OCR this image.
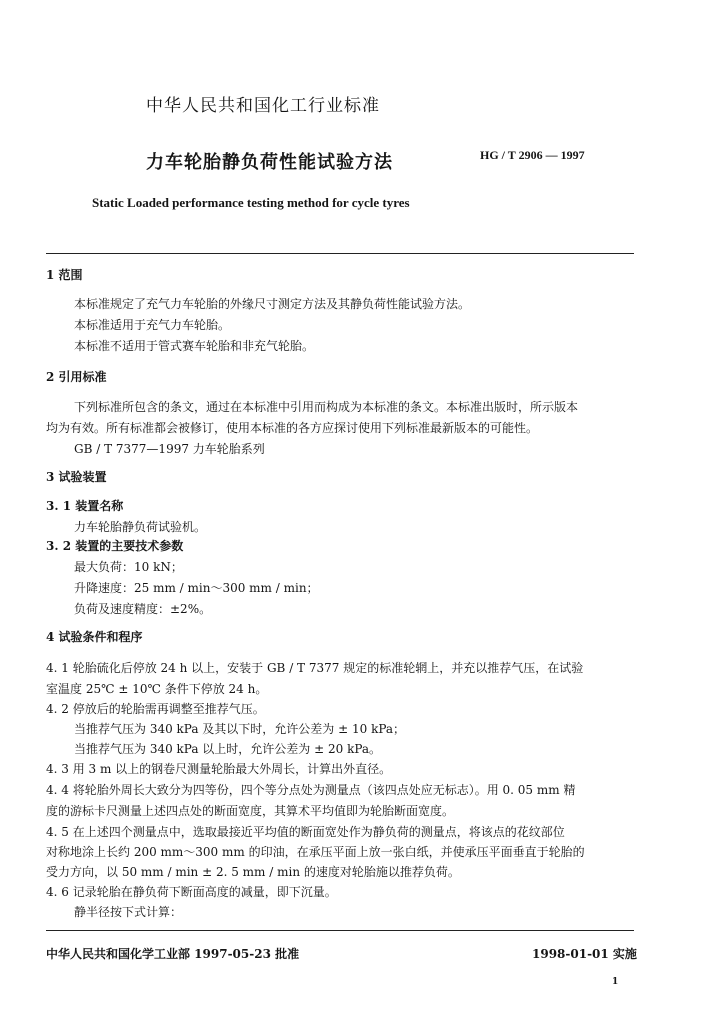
中华人民共和国化工行业标准
力车轮胎静负荷性能试验方法	HG / T 2906 — 1997
Static Loaded performance testing method for cycle tyres
1 范围
本标准规定了充气力车轮胎的外缘尺寸测定方法及其静负荷性能试验方法。
本标准适用于充气力车轮胎。
本标准不适用于管式赛车轮胎和非充气轮胎。
2 引用标准
下列标准所包含的条文，通过在本标准中引用而构成为本标准的条文。本标准出版时，所示版本
均为有效。所有标准都会被修订，使用本标准的各方应探讨使用下列标准最新版本的可能性。
GB / T 7377—1997 力车轮胎系列
3 试验装置
3. 1 装置名称
力车轮胎静负荷试验机。
3. 2 装置的主要技术参数
最大负荷：10 kN；
升降速度：25 mm / min～300 mm / min；
负荷及速度精度：±2%。
4 试验条件和程序
4. 1 轮胎硫化后停放 24 h 以上，安装于 GB / T 7377 规定的标准轮辋上，并充以推荐气压，在试验
室温度 25℃ ± 10℃ 条件下停放 24 h。
4. 2 停放后的轮胎需再调整至推荐气压。
当推荐气压为 340 kPa 及其以下时，允许公差为 ± 10 kPa；
当推荐气压为 340 kPa 以上时，允许公差为 ± 20 kPa。
4. 3 用 3 m 以上的钢卷尺测量轮胎最大外周长，计算出外直径。
4. 4 将轮胎外周长大致分为四等份，四个等分点处为测量点（该四点处应无标志）。用 0. 05 mm 精
度的游标卡尺测量上述四点处的断面宽度，其算术平均值即为轮胎断面宽度。
4. 5 在上述四个测量点中，选取最接近平均值的断面宽处作为静负荷的测量点，将该点的花纹部位
对称地涂上长约 200 mm～300 mm 的印油，在承压平面上放一张白纸，并使承压平面垂直于轮胎的
受力方向，以 50 mm / min ± 2. 5 mm / min 的速度对轮胎施以推荐负荷。
4. 6 记录轮胎在静负荷下断面高度的减量，即下沉量。
静半径按下式计算：
中华人民共和国化学工业部 1997-05-23 批准	1998-01-01 实施
1
